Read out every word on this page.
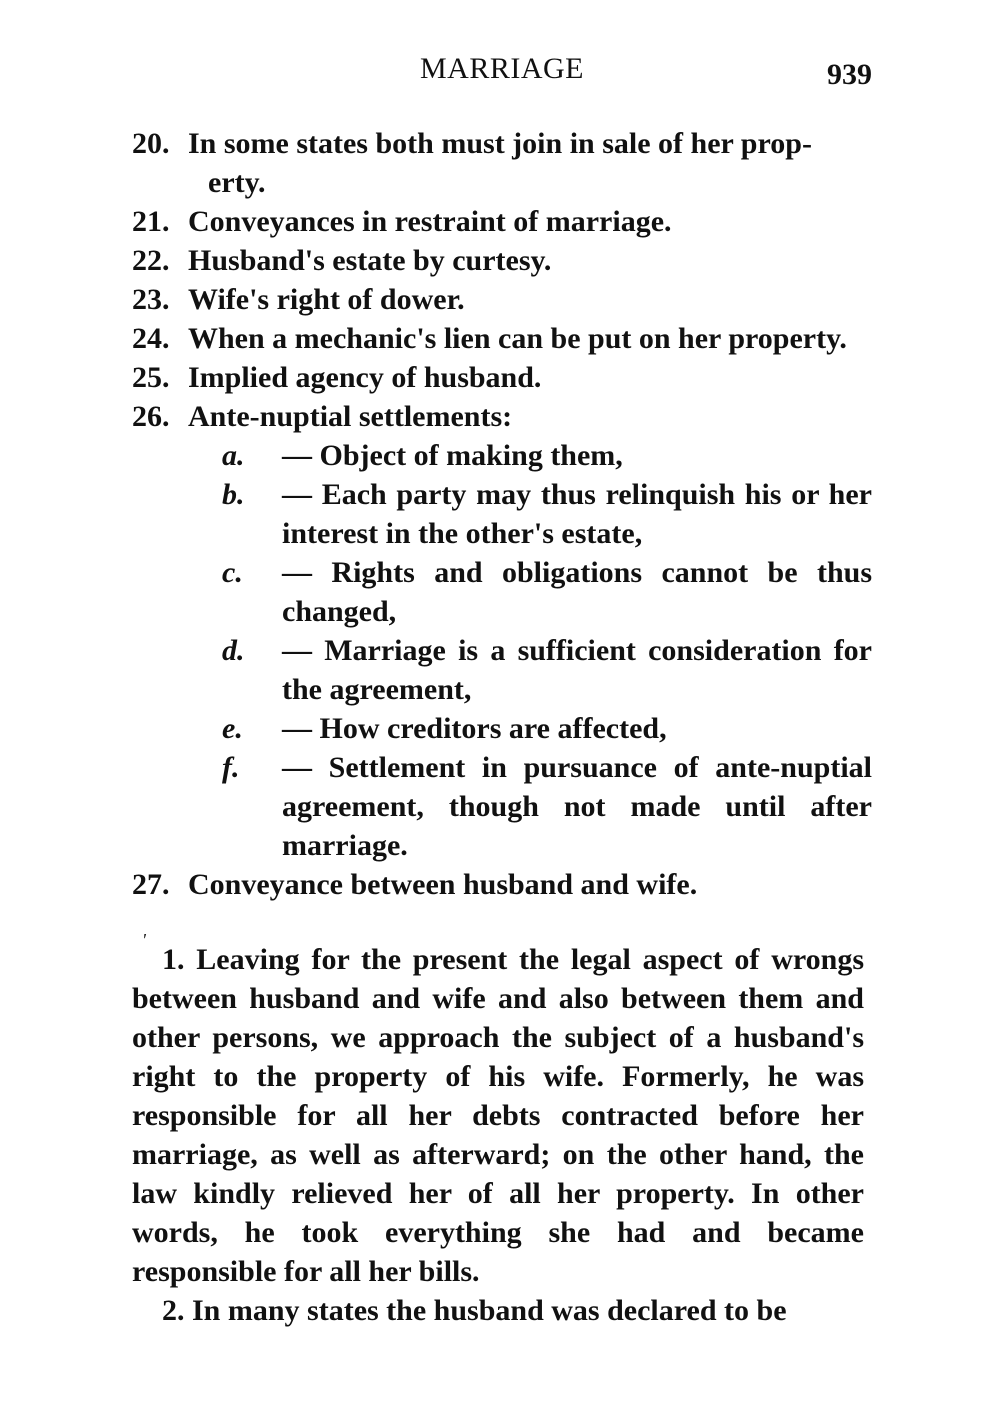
MARRIAGE	939
20. In some states both must join in sale of her prop-
erty.
21. Conveyances in restraint of marriage.
22. Husband's estate by curtesy.
23. Wife's right of dower.
24. When a mechanic's lien can be put on her property.
25. Implied agency of husband.
26. Ante-nuptial settlements:
a. — Object of making them,
b. — Each party may thus relinquish his or her interest in the other's estate,
c. — Rights and obligations cannot be thus changed,
d. — Marriage is a sufficient consideration for the agreement,
e. — How creditors are affected,
f. — Settlement in pursuance of ante-nuptial agreement, though not made until after marriage.
27. Conveyance between husband and wife.
'

1. Leaving for the present the legal aspect of wrongs between husband and wife and also between them and other persons, we approach the subject of a husband's right to the property of his wife. Formerly, he was responsible for all her debts contracted before her marriage, as well as afterward; on the other hand, the law kindly relieved her of all her property. In other words, he took everything she had and became responsible for all her bills.

2. In many states the husband was declared to be
